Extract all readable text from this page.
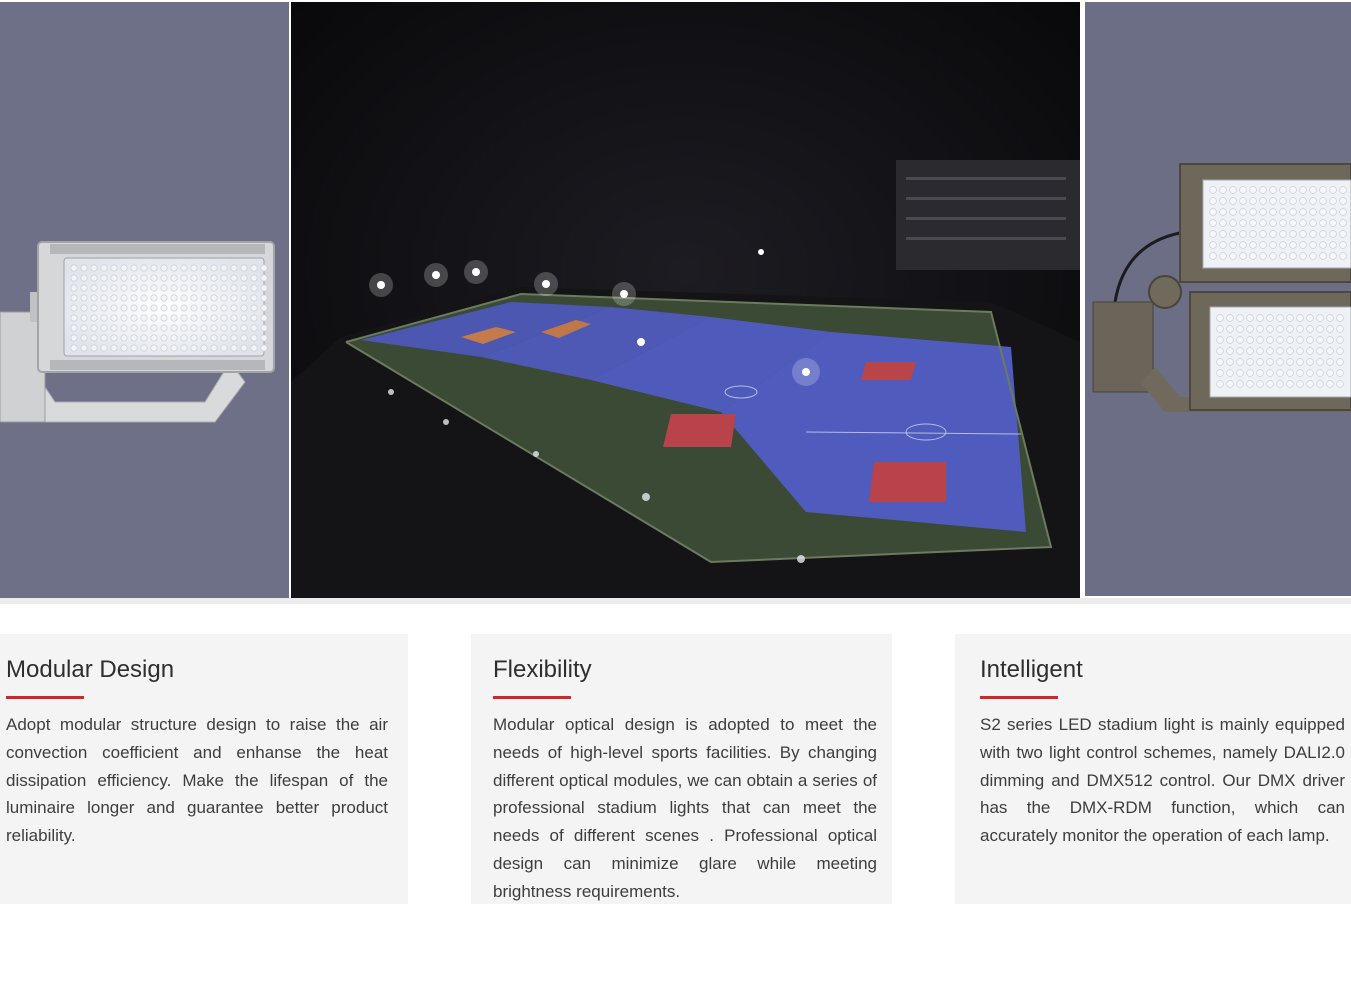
Modular Design

Adopt modular structure design to raise the air convection coefficient and enhanse the heat dissipation efficiency. Make the lifespan of the luminaire longer and guarantee better product reliability.

Flexibility

Modular optical design is adopted to meet the needs of high-level sports facilities. By changing different optical modules, we can obtain a series of professional stadium lights that can meet the needs of different scenes . Professional optical design can minimize glare while meeting brightness requirements.

Intelligent

S2 series LED stadium light is mainly equipped with two light control schemes, namely DALI2.0 dimming and DMX512 control. Our DMX driver has the DMX-RDM function, which can accurately monitor the operation of each lamp.
